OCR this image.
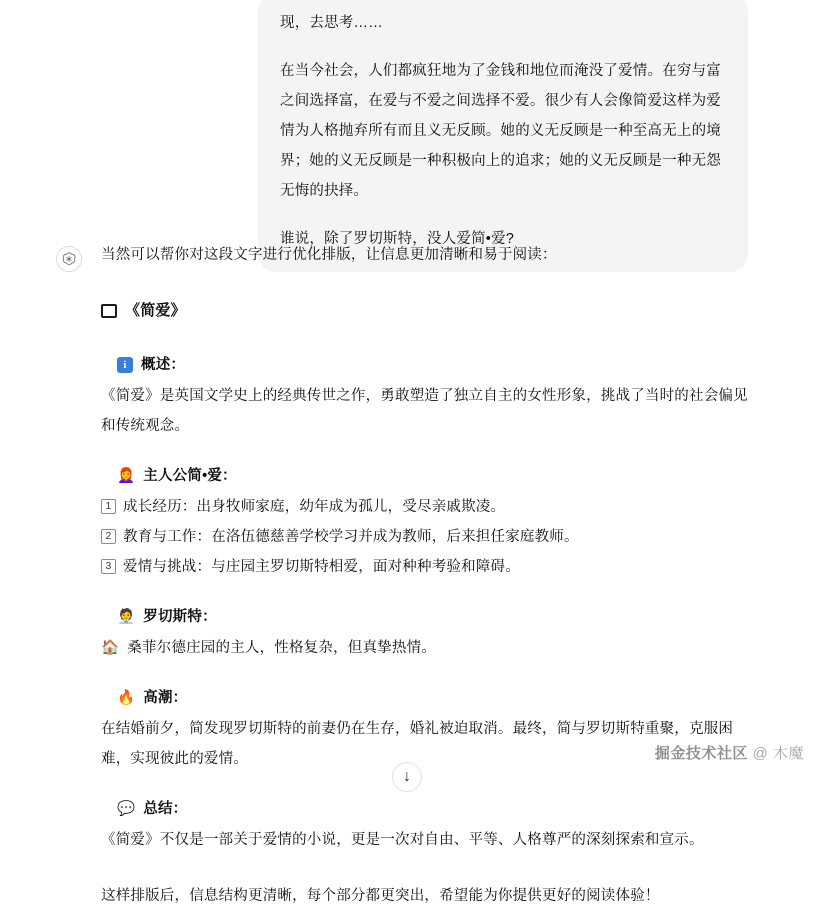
现，去思考……

在当今社会，人们都疯狂地为了金钱和地位而淹没了爱情。在穷与富之间选择富，在爱与不爱之间选择不爱。很少有人会像简爱这样为爱情为人格抛弃所有而且义无反顾。她的义无反顾是一种至高无上的境界；她的义无反顾是一种积极向上的追求；她的义无反顾是一种无怨无悔的抉择。

谁说，除了罗切斯特，没人爱简•爱?

当然可以帮你对这段文字进行优化排版，让信息更加清晰和易于阅读：

《简爱》
i 概述：

《简爱》是英国文学史上的经典传世之作，勇敢塑造了独立自主的女性形象，挑战了当时的社会偏见和传统观念。

👩‍🦰 主人公简•爱：
1 成长经历：出身牧师家庭，幼年成为孤儿，受尽亲戚欺凌。
2 教育与工作：在洛伍德慈善学校学习并成为教师，后来担任家庭教师。
3 爱情与挑战：与庄园主罗切斯特相爱，面对种种考验和障碍。
🧑‍💼 罗切斯特：
🏠 桑菲尔德庄园的主人，性格复杂，但真挚热情。
🔥 高潮：

在结婚前夕，简发现罗切斯特的前妻仍在生存，婚礼被迫取消。最终，简与罗切斯特重聚，克服困难，实现彼此的爱情。

💬 总结：

《简爱》不仅是一部关于爱情的小说，更是一次对自由、平等、人格尊严的深刻探索和宣示。

这样排版后，信息结构更清晰，每个部分都更突出，希望能为你提供更好的阅读体验！

↓
掘金技术社区 @ 木魔
